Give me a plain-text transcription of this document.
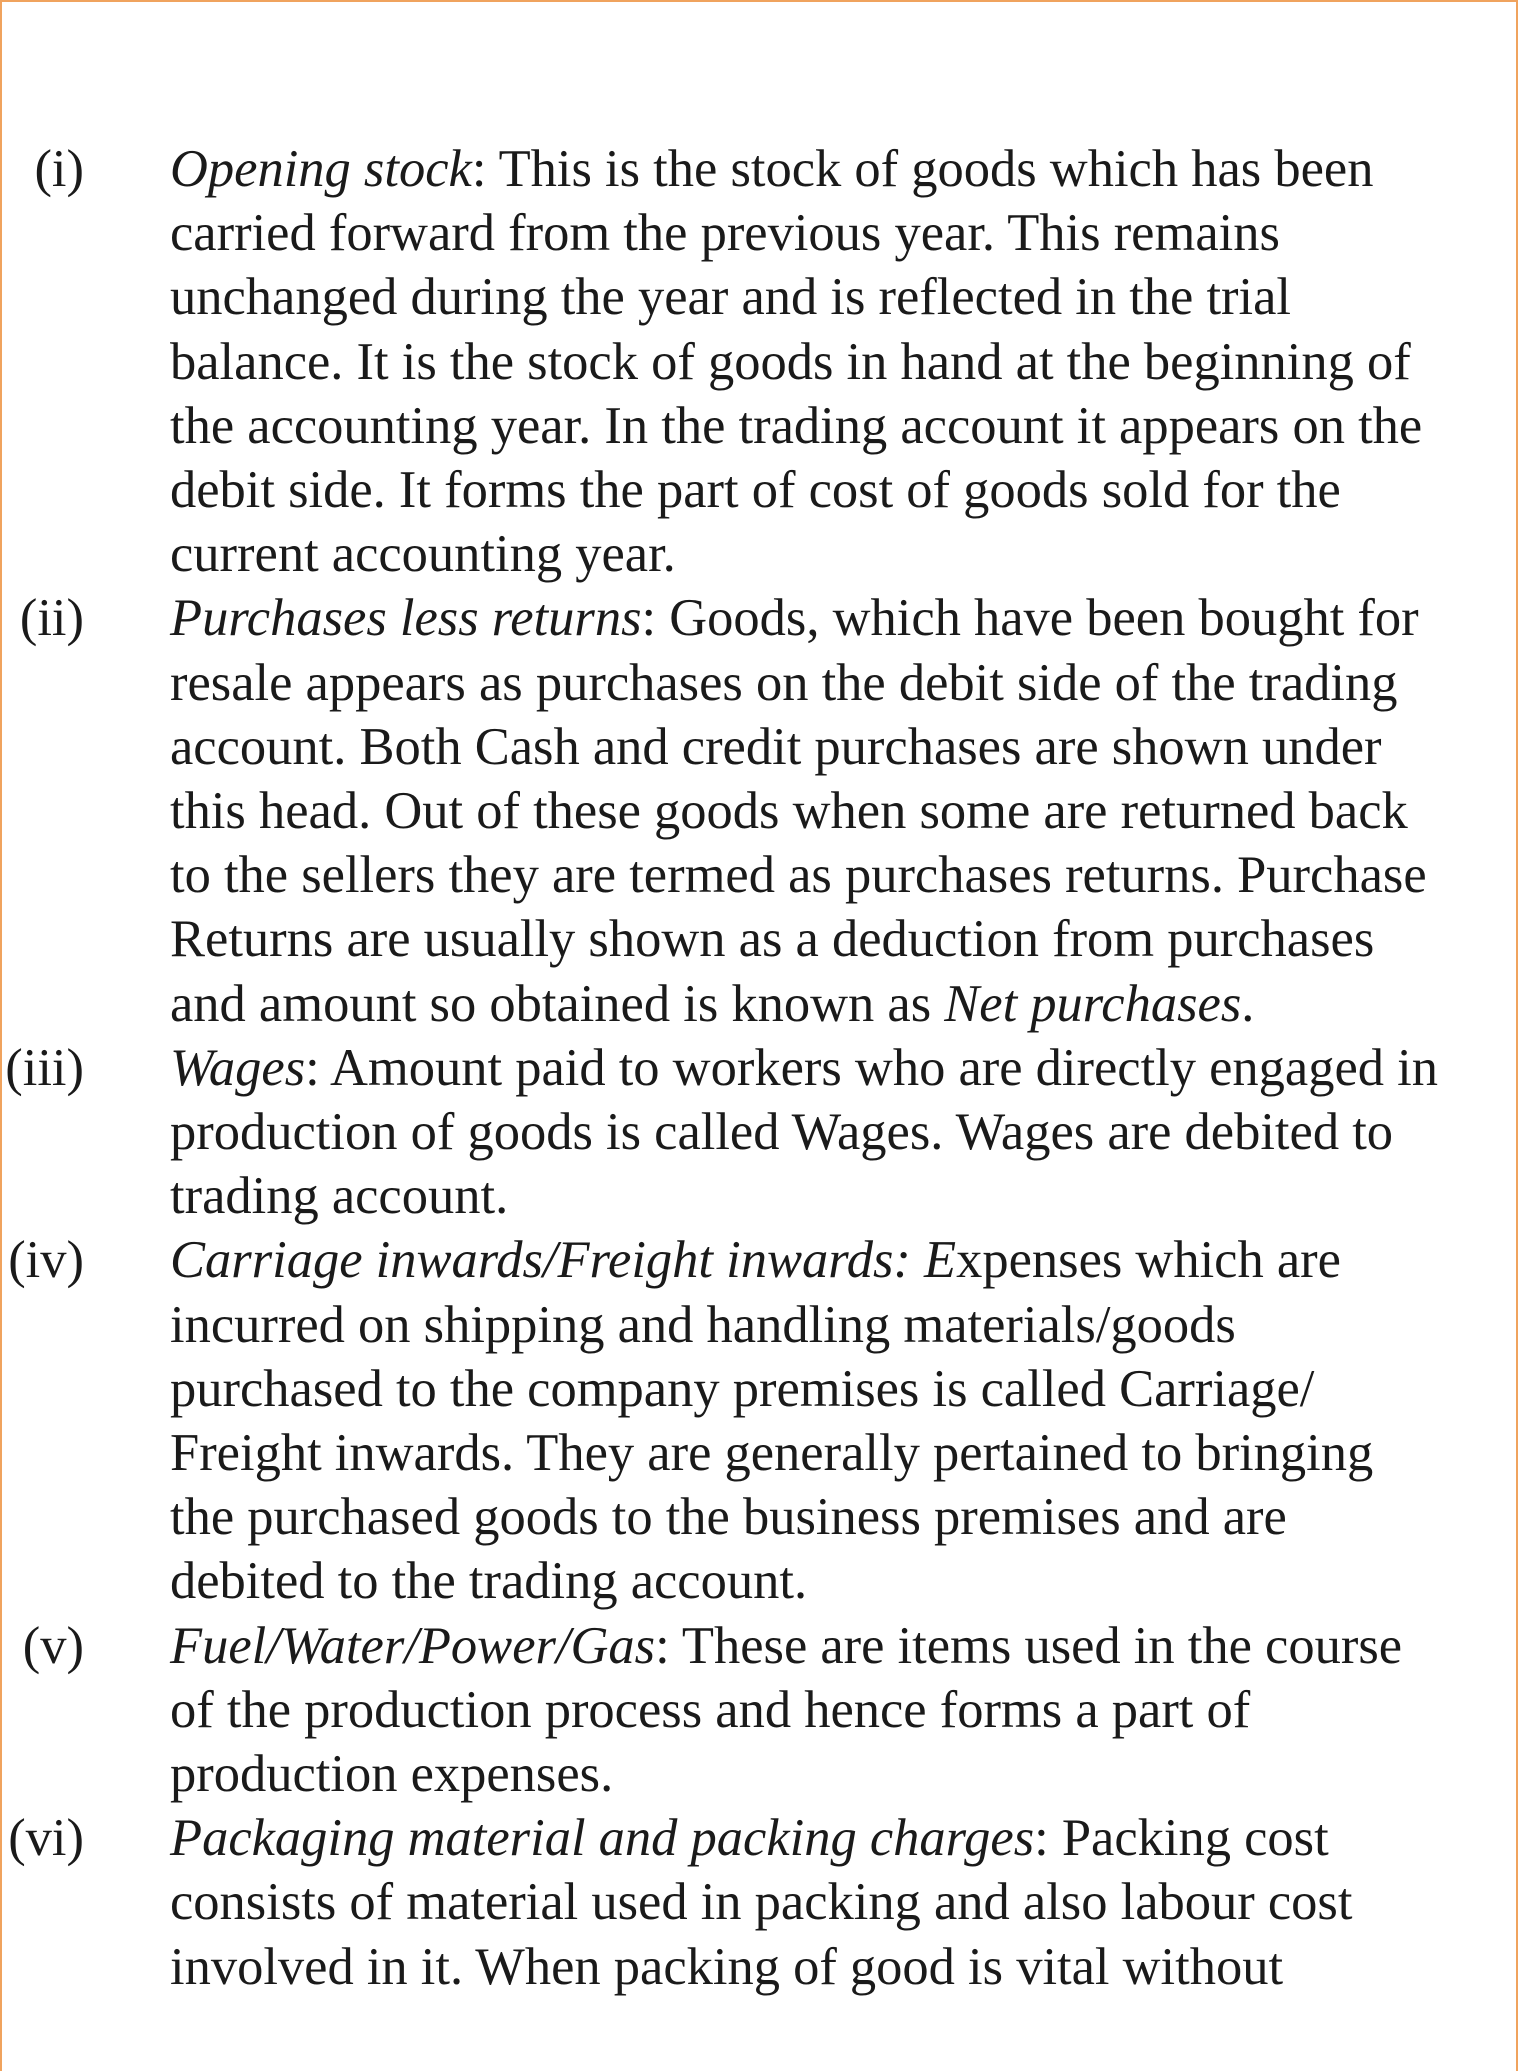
(i) Opening stock: This is the stock of goods which has been carried forward from the previous year. This remains unchanged during the year and is reflected in the trial balance. It is the stock of goods in hand at the beginning of the accounting year. In the trading account it appears on the debit side. It forms the part of cost of goods sold for the current accounting year.
(ii) Purchases less returns: Goods, which have been bought for resale appears as purchases on the debit side of the trading account. Both Cash and credit purchases are shown under this head. Out of these goods when some are returned back to the sellers they are termed as purchases returns. Purchase Returns are usually shown as a deduction from purchases and amount so obtained is known as Net purchases.
(iii) Wages: Amount paid to workers who are directly engaged in production of goods is called Wages. Wages are debited to trading account.
(iv) Carriage inwards/Freight inwards: Expenses which are incurred on shipping and handling materials/goods purchased to the company premises is called Carriage/ Freight inwards. They are generally pertained to bringing the purchased goods to the business premises and are debited to the trading account.
(v) Fuel/Water/Power/Gas: These are items used in the course of the production process and hence forms a part of production expenses.
(vi) Packaging material and packing charges: Packing cost consists of material used in packing and also labour cost involved in it. When packing of good is vital without
